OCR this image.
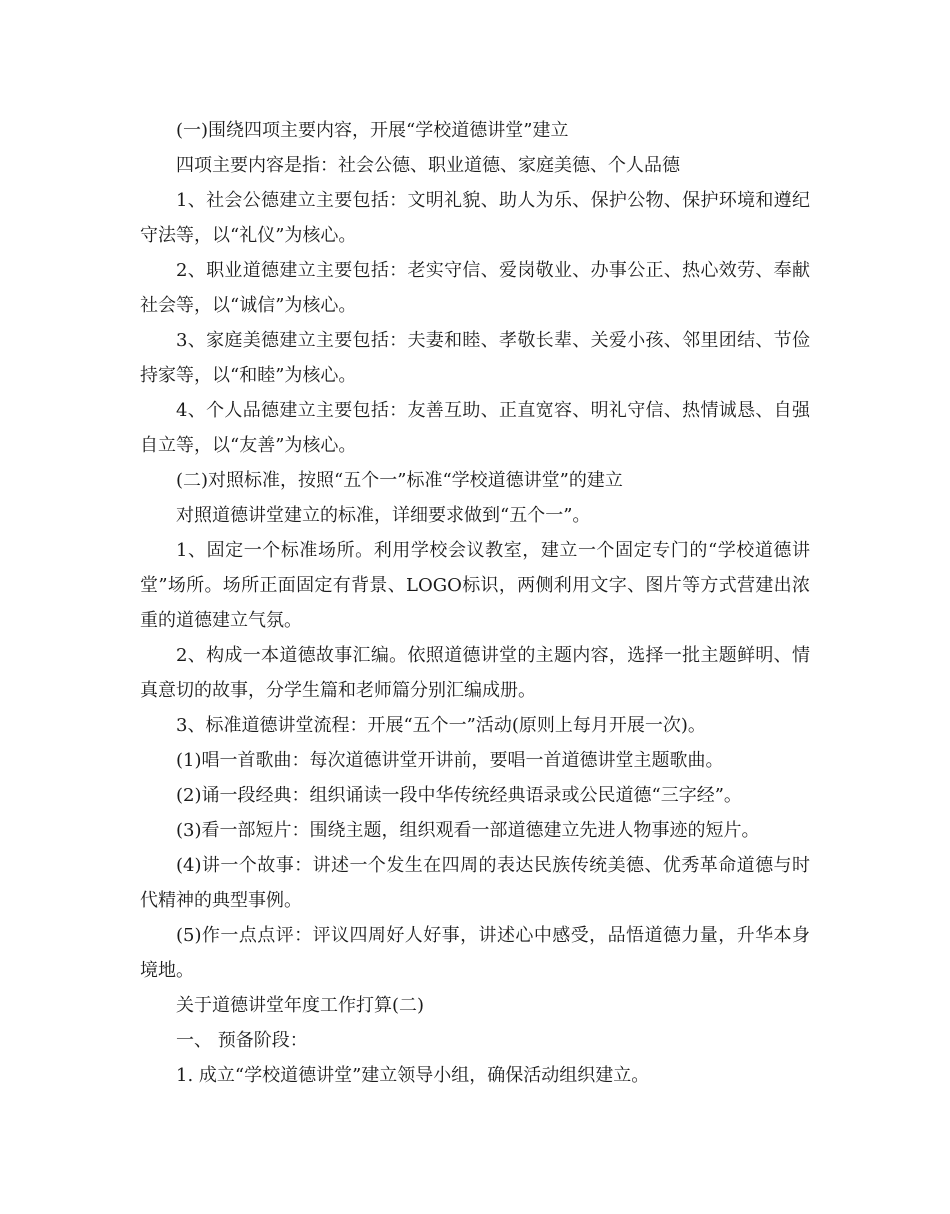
(一)围绕四项主要内容，开展“学校道德讲堂”建立

四项主要内容是指：社会公德、职业道德、家庭美德、个人品德

1、社会公德建立主要包括：文明礼貌、助人为乐、保护公物、保护环境和遵纪守法等，以“礼仪”为核心。

2、职业道德建立主要包括：老实守信、爱岗敬业、办事公正、热心效劳、奉献社会等，以“诚信”为核心。

3、家庭美德建立主要包括：夫妻和睦、孝敬长辈、关爱小孩、邻里团结、节俭持家等，以“和睦”为核心。

4、个人品德建立主要包括：友善互助、正直宽容、明礼守信、热情诚恳、自强自立等，以“友善”为核心。

(二)对照标准，按照“五个一”标准“学校道德讲堂”的建立

对照道德讲堂建立的标准，详细要求做到“五个一”。

1、固定一个标准场所。利用学校会议教室，建立一个固定专门的“学校道德讲堂”场所。场所正面固定有背景、LOGO标识，两侧利用文字、图片等方式营建出浓重的道德建立气氛。

2、构成一本道德故事汇编。依照道德讲堂的主题内容，选择一批主题鲜明、情真意切的故事，分学生篇和老师篇分别汇编成册。

3、标准道德讲堂流程：开展“五个一”活动(原则上每月开展一次)。

(1)唱一首歌曲：每次道德讲堂开讲前，要唱一首道德讲堂主题歌曲。

(2)诵一段经典：组织诵读一段中华传统经典语录或公民道德“三字经”。

(3)看一部短片：围绕主题，组织观看一部道德建立先进人物事迹的短片。

(4)讲一个故事：讲述一个发生在四周的表达民族传统美德、优秀革命道德与时代精神的典型事例。

(5)作一点点评：评议四周好人好事，讲述心中感受，品悟道德力量，升华本身境地。

关于道德讲堂年度工作打算(二)

一、 预备阶段：

1. 成立“学校道德讲堂”建立领导小组，确保活动组织建立。
